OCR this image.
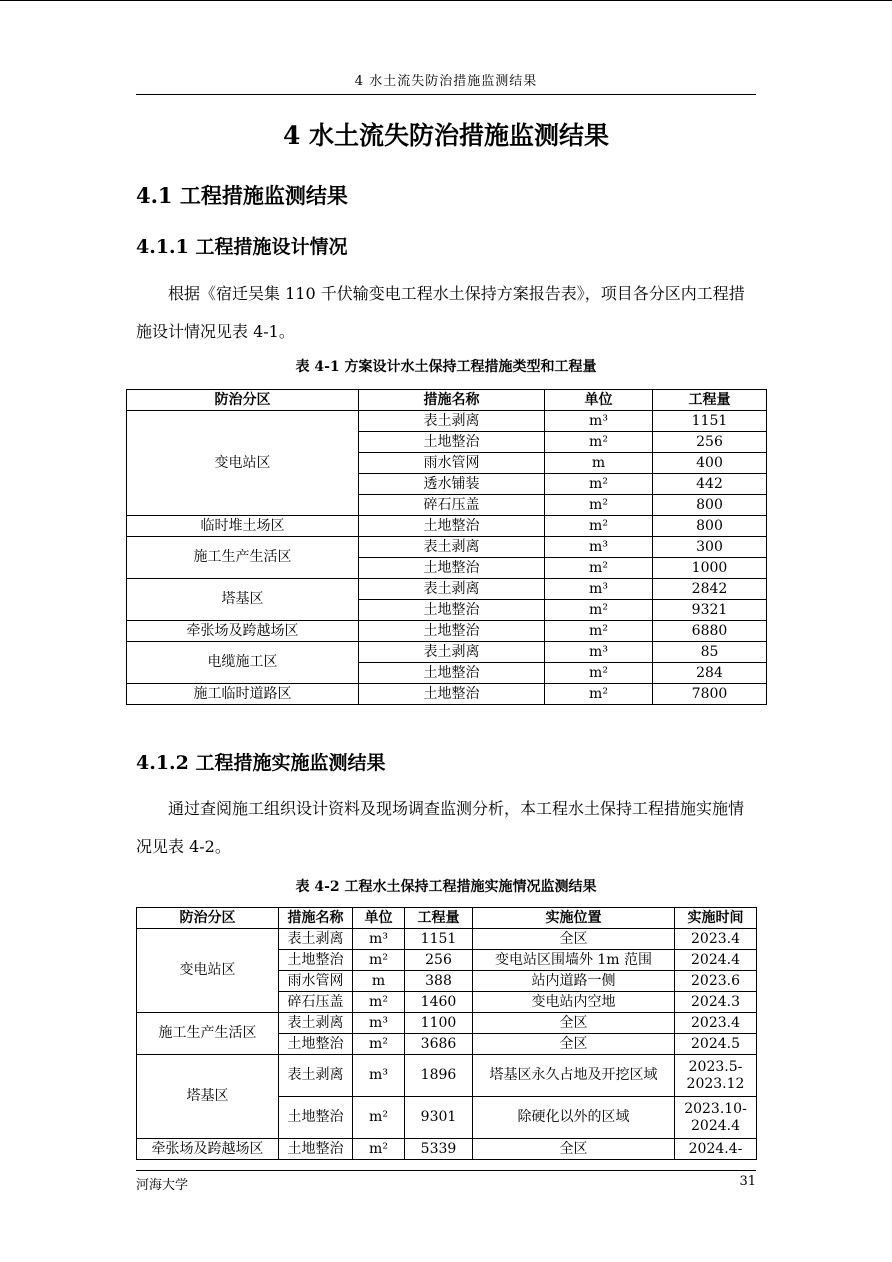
4 水土流失防治措施监测结果
4 水土流失防治措施监测结果
4.1 工程措施监测结果
4.1.1 工程措施设计情况

根据《宿迁吴集 110 千伏输变电工程水土保持方案报告表》，项目各分区内工程措施设计情况见表 4-1。

表 4-1 方案设计水土保持工程措施类型和工程量
防治分区	措施名称	单位	工程量
变电站区	表土剥离	m³	1151
	土地整治	m²	256
	雨水管网	m	400
	透水铺装	m²	442
	碎石压盖	m²	800
临时堆土场区	土地整治	m²	800
施工生产生活区	表土剥离	m³	300
	土地整治	m²	1000
塔基区	表土剥离	m³	2842
	土地整治	m²	9321
牵张场及跨越场区	土地整治	m²	6880
电缆施工区	表土剥离	m³	85
	土地整治	m²	284
施工临时道路区	土地整治	m²	7800
4.1.2 工程措施实施监测结果

通过查阅施工组织设计资料及现场调查监测分析，本工程水土保持工程措施实施情况见表 4-2。

表 4-2 工程水土保持工程措施实施情况监测结果
防治分区	措施名称	单位	工程量	实施位置	实施时间
变电站区	表土剥离	m³	1151	全区	2023.4
	土地整治	m²	256	变电站区围墙外 1m 范围	2024.4
	雨水管网	m	388	站内道路一侧	2023.6
	碎石压盖	m²	1460	变电站内空地	2024.3
施工生产生活区	表土剥离	m³	1100	全区	2023.4
	土地整治	m²	3686	全区	2024.5
塔基区	表土剥离	m³	1896	塔基区永久占地及开挖区域	2023.5-
2023.12

	土地整治	m²	9301	除硬化以外的区域	2023.10-
2024.4

牵张场及跨越场区	土地整治	m²	5339	全区	2024.4-
河海大学	31
